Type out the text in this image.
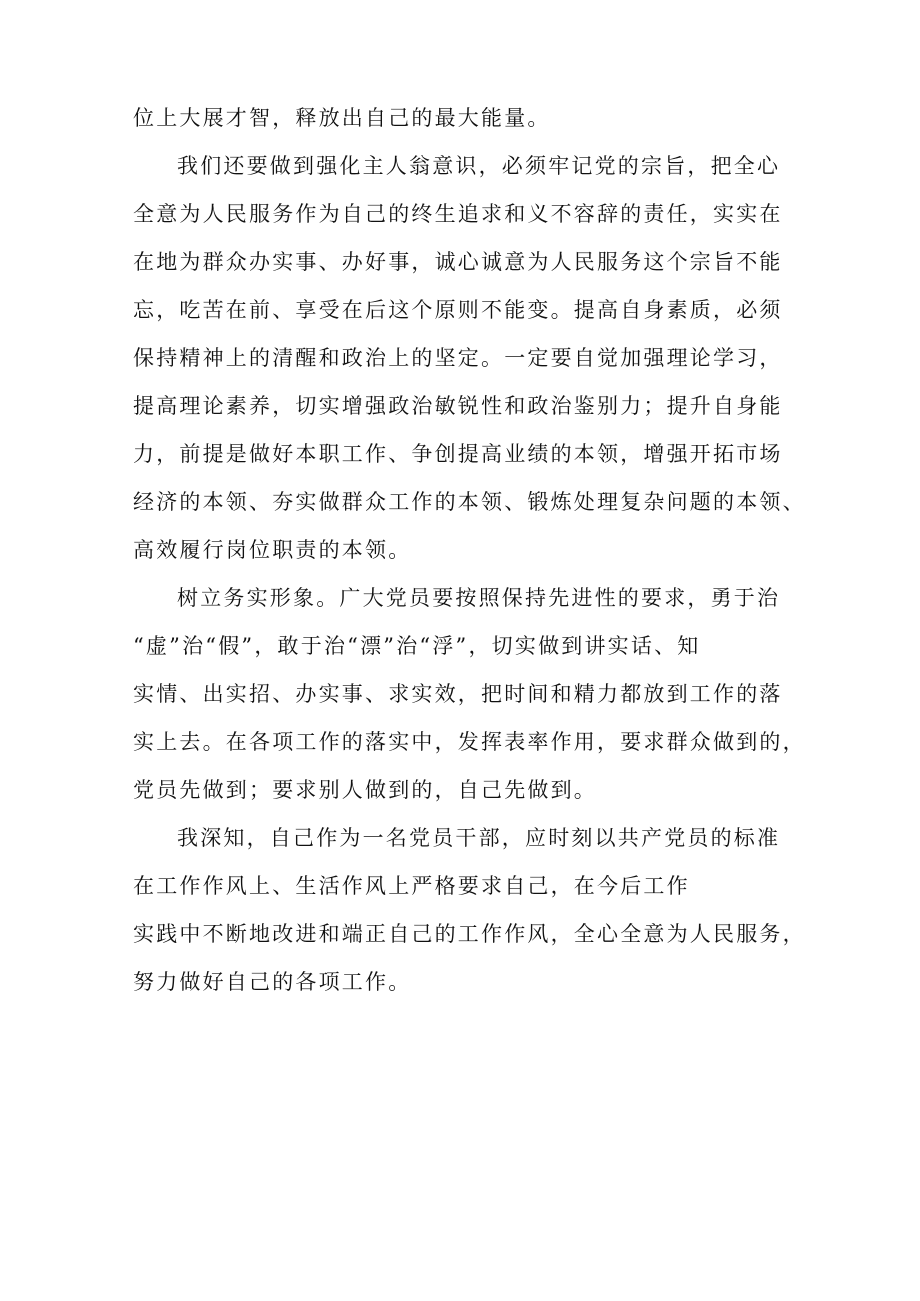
位上大展才智，释放出自己的最大能量。
我们还要做到强化主人翁意识，必须牢记党的宗旨，把全心
全意为人民服务作为自己的终生追求和义不容辞的责任，实实在
在地为群众办实事、办好事，诚心诚意为人民服务这个宗旨不能
忘，吃苦在前、享受在后这个原则不能变。提高自身素质，必须
保持精神上的清醒和政治上的坚定。一定要自觉加强理论学习，
提高理论素养，切实增强政治敏锐性和政治鉴别力；提升自身能
力，前提是做好本职工作、争创提高业绩的本领，增强开拓市场
经济的本领、夯实做群众工作的本领、锻炼处理复杂问题的本领、
高效履行岗位职责的本领。
树立务实形象。广大党员要按照保持先进性的要求，勇于治
“虚”治“假”，敢于治“漂”治“浮”，切实做到讲实话、知
实情、出实招、办实事、求实效，把时间和精力都放到工作的落
实上去。在各项工作的落实中，发挥表率作用，要求群众做到的，
党员先做到；要求别人做到的，自己先做到。
我深知，自己作为一名党员干部，应时刻以共产党员的标准
在工作作风上、生活作风上严格要求自己，在今后工作
实践中不断地改进和端正自己的工作作风，全心全意为人民服务，
努力做好自己的各项工作。
